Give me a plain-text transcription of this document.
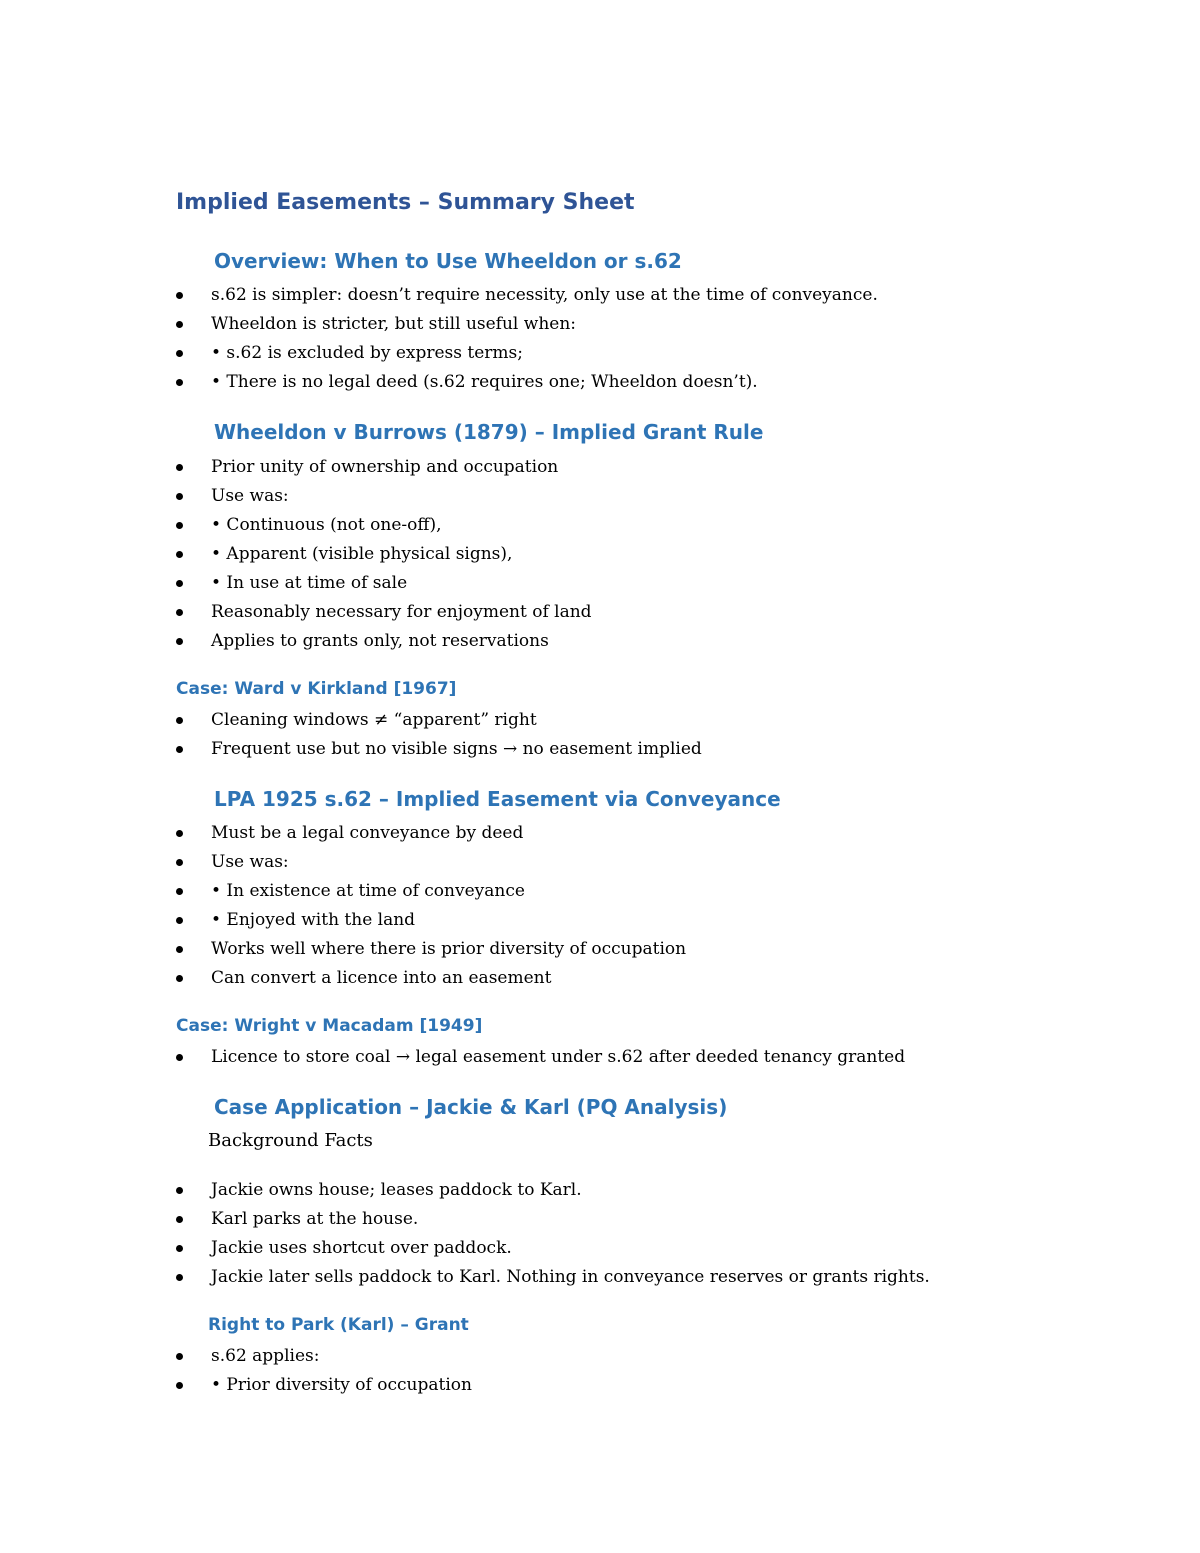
Implied Easements – Summary Sheet
Overview: When to Use Wheeldon or s.62
s.62 is simpler: doesn’t require necessity, only use at the time of conveyance.
Wheeldon is stricter, but still useful when:
• s.62 is excluded by express terms;
• There is no legal deed (s.62 requires one; Wheeldon doesn’t).
Wheeldon v Burrows (1879) – Implied Grant Rule
Prior unity of ownership and occupation
Use was:
• Continuous (not one-off),
• Apparent (visible physical signs),
• In use at time of sale
Reasonably necessary for enjoyment of land
Applies to grants only, not reservations
Case: Ward v Kirkland [1967]
Cleaning windows ≠ “apparent” right
Frequent use but no visible signs → no easement implied
LPA 1925 s.62 – Implied Easement via Conveyance
Must be a legal conveyance by deed
Use was:
• In existence at time of conveyance
• Enjoyed with the land
Works well where there is prior diversity of occupation
Can convert a licence into an easement
Case: Wright v Macadam [1949]
Licence to store coal → legal easement under s.62 after deeded tenancy granted
Case Application – Jackie & Karl (PQ Analysis)

Background Facts

Jackie owns house; leases paddock to Karl.
Karl parks at the house.
Jackie uses shortcut over paddock.
Jackie later sells paddock to Karl. Nothing in conveyance reserves or grants rights.
Right to Park (Karl) – Grant
s.62 applies:
• Prior diversity of occupation
